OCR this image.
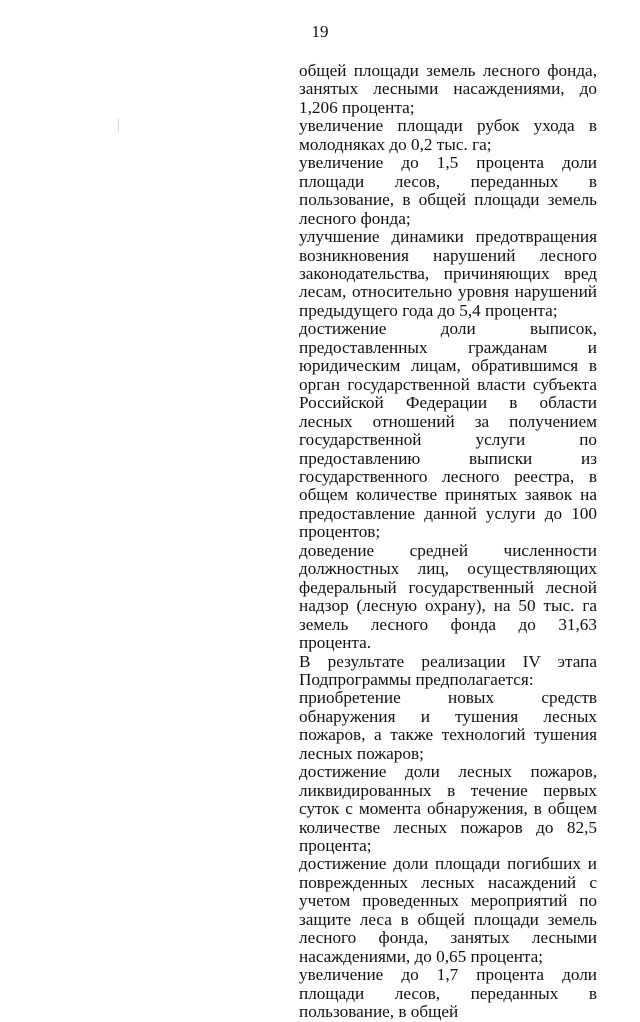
19

общей площади земель лесного фонда, занятых лесными насаждениями, до 1,206 процента;

увеличение площади рубок ухода в молодняках до 0,2 тыс. га;

увеличение до 1,5 процента доли площади лесов, переданных в пользование, в общей площади земель лесного фонда;

улучшение динамики предотвращения возникновения нарушений лесного законодательства, причиняющих вред лесам, относительно уровня нарушений предыдущего года до 5,4 процента;

достижение доли выписок, предоставленных гражданам и юридическим лицам, обратившимся в орган государственной власти субъекта Российской Федерации в области лесных отношений за получением государственной услуги по предоставлению выписки из государственного лесного реестра, в общем количестве принятых заявок на предоставление данной услуги до 100 процентов;

доведение средней численности должностных лиц, осуществляющих федеральный государственный лесной надзор (лесную охрану), на 50 тыс. га земель лесного фонда до 31,63 процента.

В результате реализации IV этапа Подпрограммы предполагается:

приобретение новых средств обнаружения и тушения лесных пожаров, а также технологий тушения лесных пожаров;

достижение доли лесных пожаров, ликвидированных в течение первых суток с момента обнаружения, в общем количестве лесных пожаров до 82,5 процента;

достижение доли площади погибших и поврежденных лесных насаждений с учетом проведенных мероприятий по защите леса в общей площади земель лесного фонда, занятых лесными насаждениями, до 0,65 процента;

увеличение до 1,7 процента доли площади лесов, переданных в пользование, в общей
